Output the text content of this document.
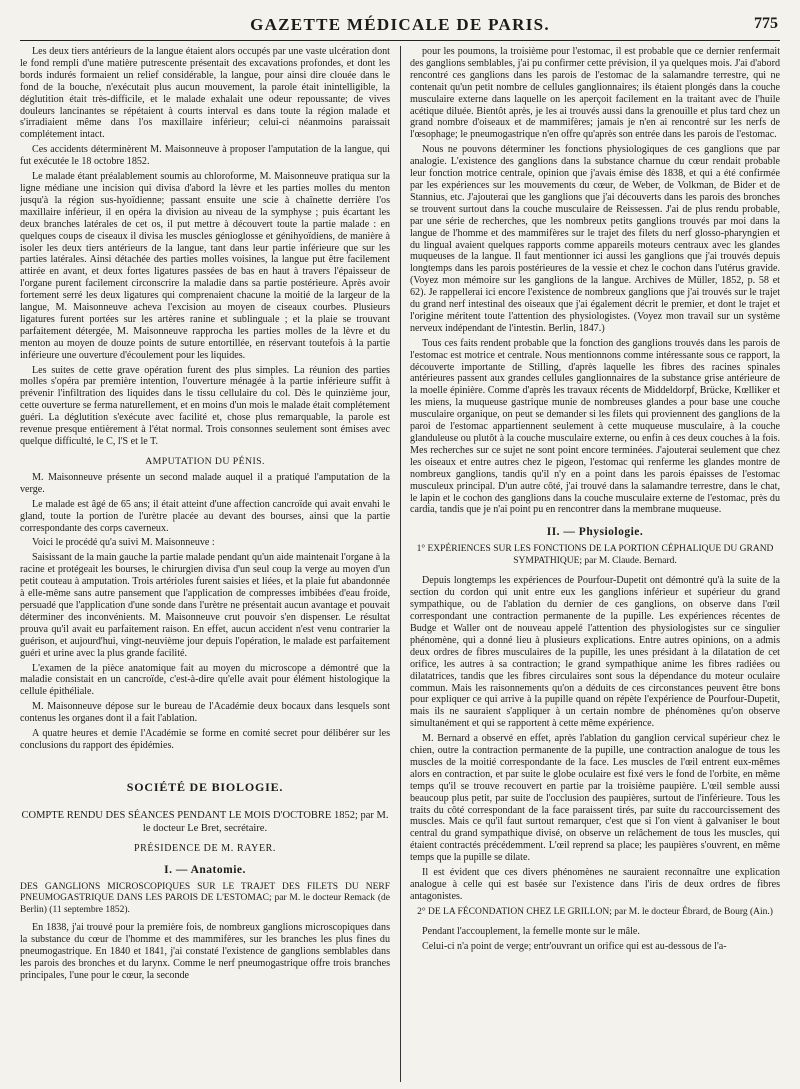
GAZETTE MÉDICALE DE PARIS.	775

Les deux tiers antérieurs de la langue étaient alors occupés par une vaste ulcération dont le fond rempli d'une matière putrescente présentait des excavations profondes, et dont les bords indurés formaient un relief considérable, la langue, pour ainsi dire clouée dans le fond de la bouche, n'exécutait plus aucun mouvement, la parole était inintelligible, la déglutition était très-difficile, et le malade exhalait une odeur repoussante; de vives douleurs lancinantes se répétaient à courts interval es dans toute la région malade et s'irradiaient même dans l'os maxillaire inférieur; celui-ci néanmoins paraissait complétement intact.

Ces accidents déterminèrent M. Maisonneuve à proposer l'amputation de la langue, qui fut exécutée le 18 octobre 1852.

Le malade étant préalablement soumis au chloroforme, M. Maisonneuve pratiqua sur la ligne médiane une incision qui divisa d'abord la lèvre et les parties molles du menton jusqu'à la région sus-hyoïdienne; passant ensuite une scie à chaînette derrière l'os maxillaire inférieur, il en opéra la division au niveau de la symphyse ; puis écartant les deux branches latérales de cet os, il put mettre à découvert toute la partie malade : en quelques coups de ciseaux il divisa les muscles génioglosse et génihyoïdiens, de manière à isoler les deux tiers antérieurs de la langue, tant dans leur partie inférieure que sur les parties latérales. Ainsi détachée des parties molles voisines, la langue put être facilement attirée en avant, et deux fortes ligatures passées de bas en haut à travers l'épaisseur de l'organe purent facilement circonscrire la maladie dans sa partie postérieure. Après avoir fortement serré les deux ligatures qui comprenaient chacune la moitié de la largeur de la langue, M. Maisonneuve acheva l'excision au moyen de ciseaux courbes. Plusieurs ligatures furent portées sur les artères ranine et sublinguale ; et la plaie se trouvant parfaitement détergée, M. Maisonneuve rapprocha les parties molles de la lèvre et du menton au moyen de douze points de suture entortillée, en réservant toutefois à la partie inférieure une ouverture d'écoulement pour les liquides.

Les suites de cette grave opération furent des plus simples. La réunion des parties molles s'opéra par première intention, l'ouverture ménagée à la partie inférieure suffit à prévenir l'infiltration des liquides dans le tissu cellulaire du col. Dès le quinzième jour, cette ouverture se ferma naturellement, et en moins d'un mois le malade était complétement guéri. La déglutition s'exécute avec facilité et, chose plus remarquable, la parole est revenue presque entièrement à l'état normal. Trois consonnes seulement sont émises avec quelque difficulté, le C, l'S et le T.

AMPUTATION DU PÉNIS.

M. Maisonneuve présente un second malade auquel il a pratiqué l'amputation de la verge.

Le malade est âgé de 65 ans; il était atteint d'une affection cancroïde qui avait envahi le gland, toute la portion de l'urètre placée au devant des bourses, ainsi que la partie correspondante des corps caverneux.

Voici le procédé qu'a suivi M. Maisonneuve :

Saisissant de la main gauche la partie malade pendant qu'un aide maintenait l'organe à la racine et protégeait les bourses, le chirurgien divisa d'un seul coup la verge au moyen d'un petit couteau à amputation. Trois artérioles furent saisies et liées, et la plaie fut abandonnée à elle-même sans autre pansement que l'application de compresses imbibées d'eau froide, persuadé que l'application d'une sonde dans l'urètre ne présentait aucun avantage et pouvait déterminer des inconvénients. M. Maisonneuve crut pouvoir s'en dispenser. Le résultat prouva qu'il avait eu parfaitement raison. En effet, aucun accident n'est venu contrarier la guérison, et aujourd'hui, vingt-neuvième jour depuis l'opération, le malade est parfaitement guéri et urine avec la plus grande facilité.

L'examen de la pièce anatomique fait au moyen du microscope a démontré que la maladie consistait en un cancroïde, c'est-à-dire qu'elle avait pour élément histologique la cellule épithéliale.

M. Maisonneuve dépose sur le bureau de l'Académie deux bocaux dans lesquels sont contenus les organes dont il a fait l'ablation.

A quatre heures et demie l'Académie se forme en comité secret pour délibérer sur les conclusions du rapport des épidémies.

SOCIÉTÉ DE BIOLOGIE.
COMPTE RENDU DES SÉANCES PENDANT LE MOIS D'OCTOBRE 1852; par M. le docteur Le Bret, secrétaire.
PRÉSIDENCE DE M. RAYER.
I. — Anatomie.
DES GANGLIONS MICROSCOPIQUES SUR LE TRAJET DES FILETS DU NERF PNEUMOGASTRIQUE DANS LES PAROIS DE L'ESTOMAC; par M. le docteur Remack (de Berlin) (11 septembre 1852).

En 1838, j'ai trouvé pour la première fois, de nombreux ganglions microscopiques dans la substance du cœur de l'homme et des mammifères, sur les branches les plus fines du pneumogastrique. En 1840 et 1841, j'ai constaté l'existence de ganglions semblables dans les parois des bronches et du larynx. Comme le nerf pneumogastrique offre trois branches principales, l'une pour le cœur, la seconde

pour les poumons, la troisième pour l'estomac, il est probable que ce dernier renfermait des ganglions semblables, j'ai pu confirmer cette prévision, il ya quelques mois. J'ai d'abord rencontré ces ganglions dans les parois de l'estomac de la salamandre terrestre, qui ne contenait qu'un petit nombre de cellules ganglionnaires; ils étaient plongés dans la couche musculaire externe dans laquelle on les aperçoit facilement en la traitant avec de l'huile acétique diluée. Bientôt après, je les ai trouvés aussi dans la grenouille et plus tard chez un grand nombre d'oiseaux et de mammifères; jamais je n'en ai rencontré sur les nerfs de l'œsophage; le pneumogastrique n'en offre qu'après son entrée dans les parois de l'estomac.

Nous ne pouvons déterminer les fonctions physiologiques de ces ganglions que par analogie. L'existence des ganglions dans la substance charnue du cœur rendait probable leur fonction motrice centrale, opinion que j'avais émise dès 1838, et qui a été confirmée par les expériences sur les mouvements du cœur, de Weber, de Volkman, de Bider et de Stannius, etc. J'ajouterai que les ganglions que j'ai découverts dans les parois des bronches se trouvent surtout dans la couche musculaire de Reissessen. J'ai de plus rendu probable, par une série de recherches, que les nombreux petits ganglions trouvés par moi dans la langue de l'homme et des mammifères sur le trajet des filets du nerf glosso-pharyngien et du lingual avaient quelques rapports comme appareils moteurs centraux avec les glandes muqueuses de la langue. Il faut mentionner ici aussi les ganglions que j'ai trouvés depuis longtemps dans les parois postérieures de la vessie et chez le cochon dans l'utérus gravide. (Voyez mon mémoire sur les ganglions de la langue. Archives de Müller, 1852, p. 58 et 62). Je rappellerai ici encore l'existence de nombreux ganglions que j'ai trouvés sur le trajet du grand nerf intestinal des oiseaux que j'ai également décrit le premier, et dont le trajet et l'origine méritent toute l'attention des physiologistes. (Voyez mon travail sur un système nerveux indépendant de l'intestin. Berlin, 1847.)

Tous ces faits rendent probable que la fonction des ganglions trouvés dans les parois de l'estomac est motrice et centrale. Nous mentionnons comme intéressante sous ce rapport, la découverte importante de Stilling, d'après laquelle les fibres des racines spinales antérieures passent aux grandes cellules ganglionnaires de la substance grise antérieure de la moelle épinière. Comme d'après les travaux récents de Middeldorpf, Brücke, Kœlliker et les miens, la muqueuse gastrique munie de nombreuses glandes a pour base une couche musculaire organique, on peut se demander si les filets qui proviennent des ganglions de la paroi de l'estomac appartiennent seulement à cette muqueuse musculaire, à la couche glanduleuse ou plutôt à la couche musculaire externe, ou enfin à ces deux couches à la fois. Mes recherches sur ce sujet ne sont point encore terminées. J'ajouterai seulement que chez les oiseaux et entre autres chez le pigeon, l'estomac qui renferme les glandes montre de nombreux ganglions, tandis qu'il n'y en a point dans les parois épaisses de l'estomac musculeux principal. D'un autre côté, j'ai trouvé dans la salamandre terrestre, dans le chat, le lapin et le cochon des ganglions dans la couche musculaire externe de l'estomac, près du cardia, tandis que je n'ai point pu en rencontrer dans la membrane muqueuse.

II. — Physiologie.
1° EXPÉRIENCES SUR LES FONCTIONS DE LA PORTION CÉPHALIQUE DU GRAND SYMPATHIQUE; par M. Claude. Bernard.

Depuis longtemps les expériences de Pourfour-Dupetit ont démontré qu'à la suite de la section du cordon qui unit entre eux les ganglions inférieur et supérieur du grand sympathique, ou de l'ablation du dernier de ces ganglions, on observe dans l'œil correspondant une contraction permanente de la pupille. Les expériences récentes de Budge et Waller ont de nouveau appelé l'attention des physiologistes sur ce singulier phénomène, qui a donné lieu à plusieurs explications. Entre autres opinions, on a admis deux ordres de fibres musculaires de la pupille, les unes présidant à la dilatation de cet orifice, les autres à sa contraction; le grand sympathique anime les fibres radiées ou dilatatrices, tandis que les fibres circulaires sont sous la dépendance du moteur oculaire commun. Mais les raisonnements qu'on a déduits de ces circonstances peuvent être bons pour expliquer ce qui arrive à la pupille quand on répète l'expérience de Pourfour-Dupetit, mais ils ne sauraient s'appliquer à un certain nombre de phénomènes qu'on observe simultanément et qui se rapportent à cette même expérience.

M. Bernard a observé en effet, après l'ablation du ganglion cervical supérieur chez le chien, outre la contraction permanente de la pupille, une contraction analogue de tous les muscles de la moitié correspondante de la face. Les muscles de l'œil entrent eux-mêmes alors en contraction, et par suite le globe oculaire est fixé vers le fond de l'orbite, en même temps qu'il se trouve recouvert en partie par la troisième paupière. L'œil semble aussi beaucoup plus petit, par suite de l'occlusion des paupières, surtout de l'inférieure. Tous les traits du côté correspondant de la face paraissent tirés, par suite du raccourcissement des muscles. Mais ce qu'il faut surtout remarquer, c'est que si l'on vient à galvaniser le bout central du grand sympathique divisé, on observe un relâchement de tous les muscles, qui étaient contractés précédemment. L'œil reprend sa place; les paupières s'ouvrent, en même temps que la pupille se dilate.

Il est évident que ces divers phénomènes ne sauraient reconnaître une explication analogue à celle qui est basée sur l'existence dans l'iris de deux ordres de fibres antagonistes.

2° DE LA FÉCONDATION CHEZ LE GRILLON; par M. le docteur Ébrard, de Bourg (Ain.)

Pendant l'accouplement, la femelle monte sur le mâle.

Celui-ci n'a point de verge; entr'ouvrant un orifice qui est au-dessous de l'a-
